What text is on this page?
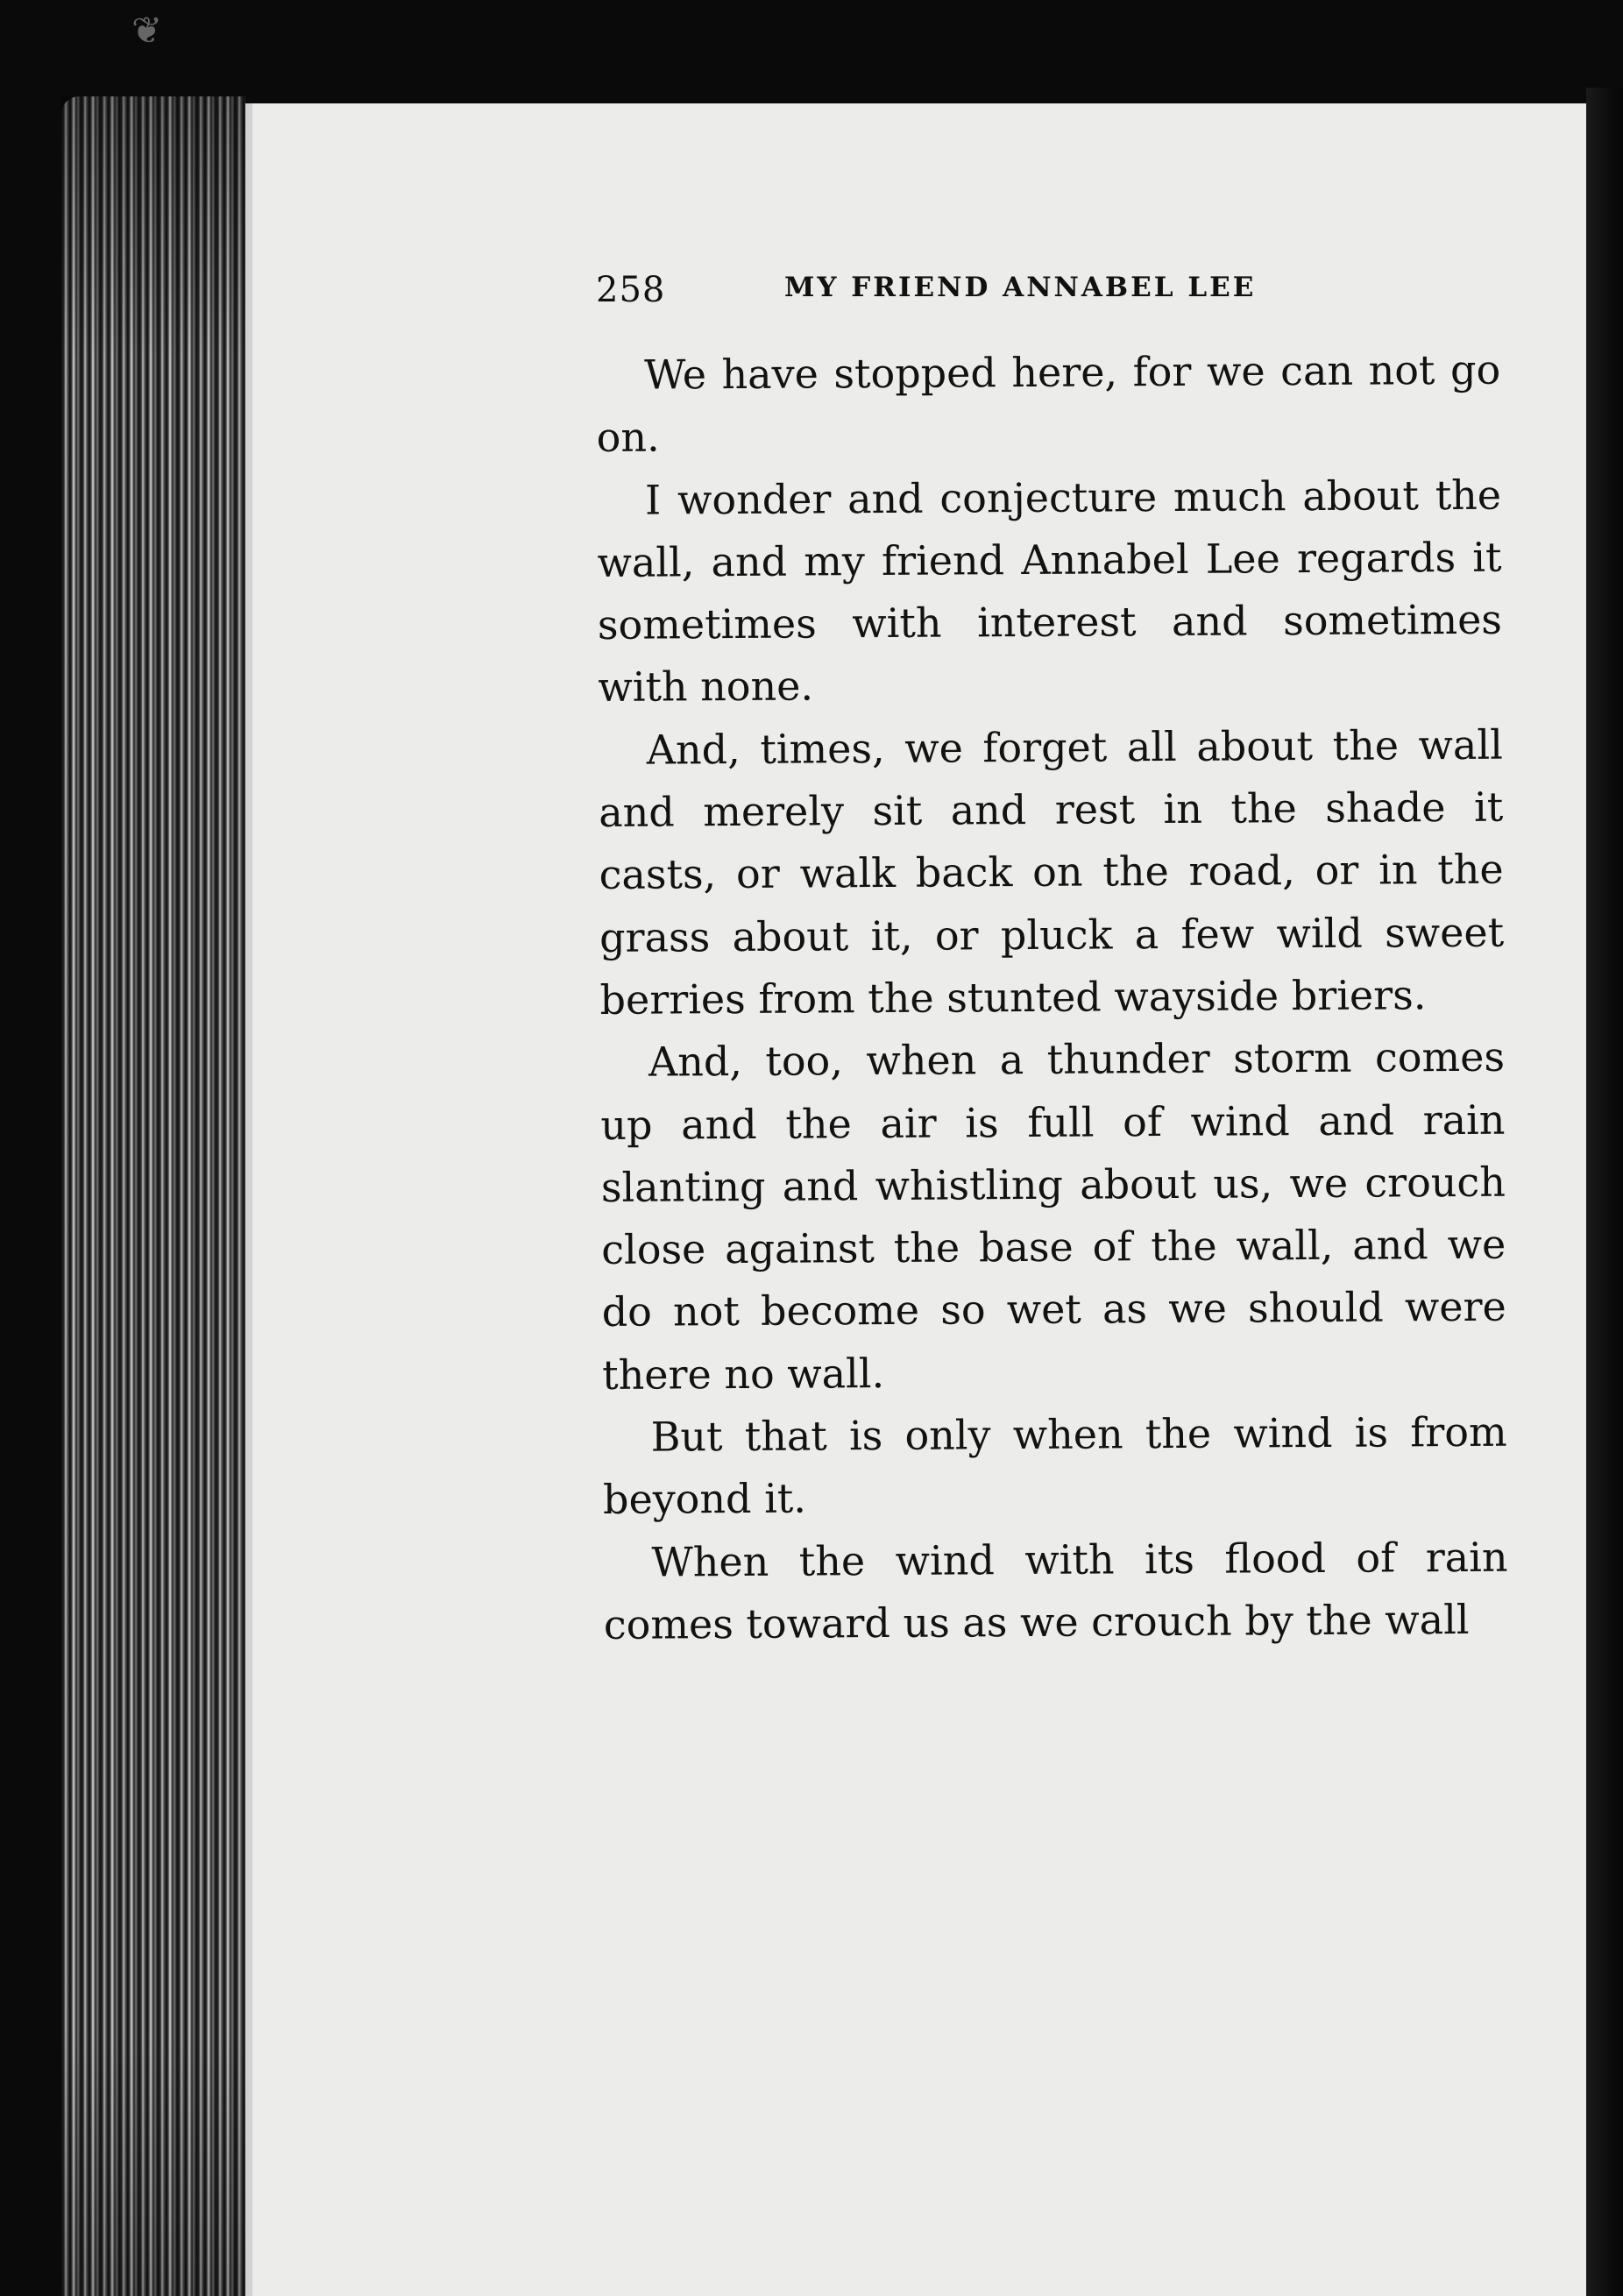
❦
258	MY FRIEND ANNABEL LEE

We have stopped here, for we can not go on.

I wonder and conjecture much about the wall, and my friend Annabel Lee regards it sometimes with interest and sometimes with none.

And, times, we forget all about the wall and merely sit and rest in the shade it casts, or walk back on the road, or in the grass about it, or pluck a few wild sweet berries from the stunted wayside briers.

And, too, when a thunder storm comes up and the air is full of wind and rain slanting and whistling about us, we crouch close against the base of the wall, and we do not become so wet as we should were there no wall.

But that is only when the wind is from beyond it.

When the wind with its flood of rain comes toward us as we crouch by the wall
